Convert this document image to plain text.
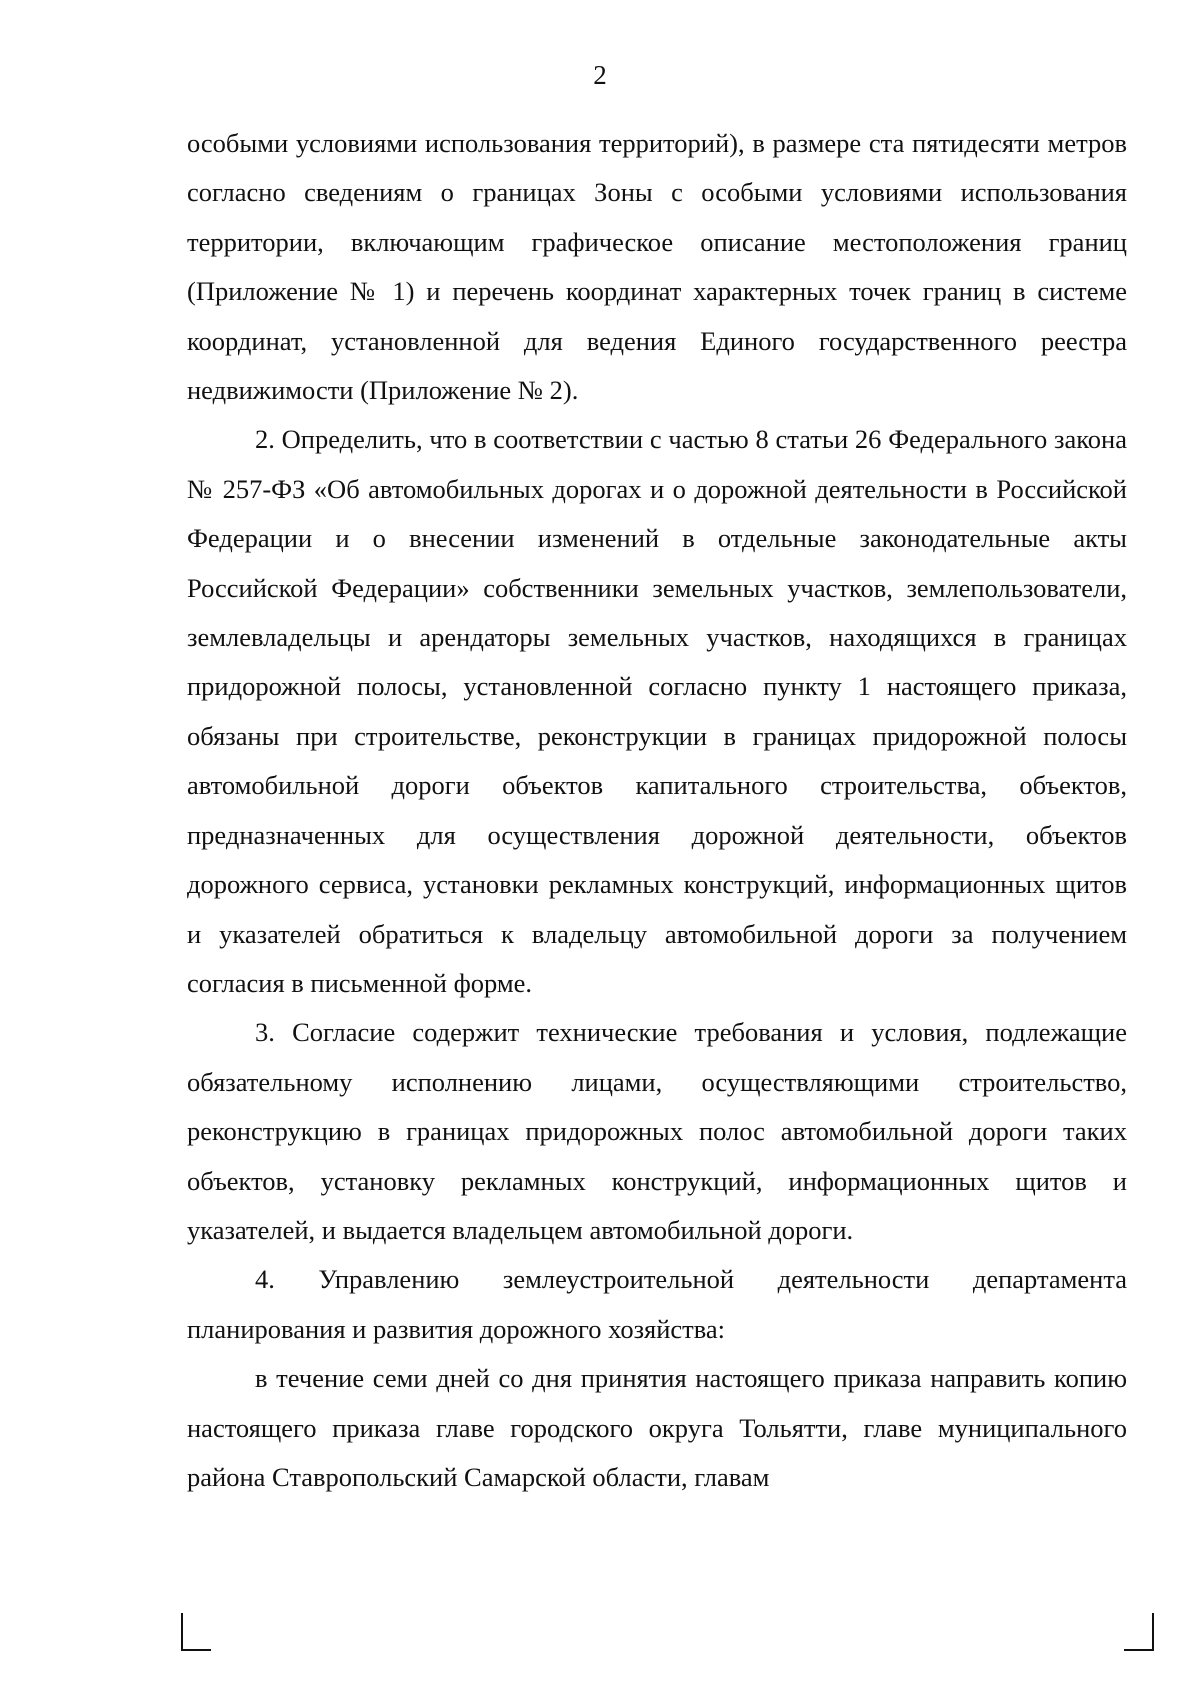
2

особыми условиями использования территорий), в размере ста пятидесяти метров согласно сведениям о границах Зоны с особыми условиями использования территории, включающим графическое описание местоположения границ (Приложение № 1) и перечень координат характерных точек границ в системе координат, установленной для ведения Единого государственного реестра недвижимости (Приложение № 2).

2. Определить, что в соответствии с частью 8 статьи 26 Федерального закона № 257-ФЗ «Об автомобильных дорогах и о дорожной деятельности в Российской Федерации и о внесении изменений в отдельные законодательные акты Российской Федерации» собственники земельных участков, землепользователи, землевладельцы и арендаторы земельных участков, находящихся в границах придорожной полосы, установленной согласно пункту 1 настоящего приказа, обязаны при строительстве, реконструкции в границах придорожной полосы автомобильной дороги объектов капитального строительства, объектов, предназначенных для осуществления дорожной деятельности, объектов дорожного сервиса, установки рекламных конструкций, информационных щитов и указателей обратиться к владельцу автомобильной дороги за получением согласия в письменной форме.

3. Согласие содержит технические требования и условия, подлежащие обязательному исполнению лицами, осуществляющими строительство, реконструкцию в границах придорожных полос автомобильной дороги таких объектов, установку рекламных конструкций, информационных щитов и указателей, и выдается владельцем автомобильной дороги.

4. Управлению землеустроительной деятельности департамента планирования и развития дорожного хозяйства:

в течение семи дней со дня принятия настоящего приказа направить копию настоящего приказа главе городского округа Тольятти, главе муниципального района Ставропольский Самарской области, главам
